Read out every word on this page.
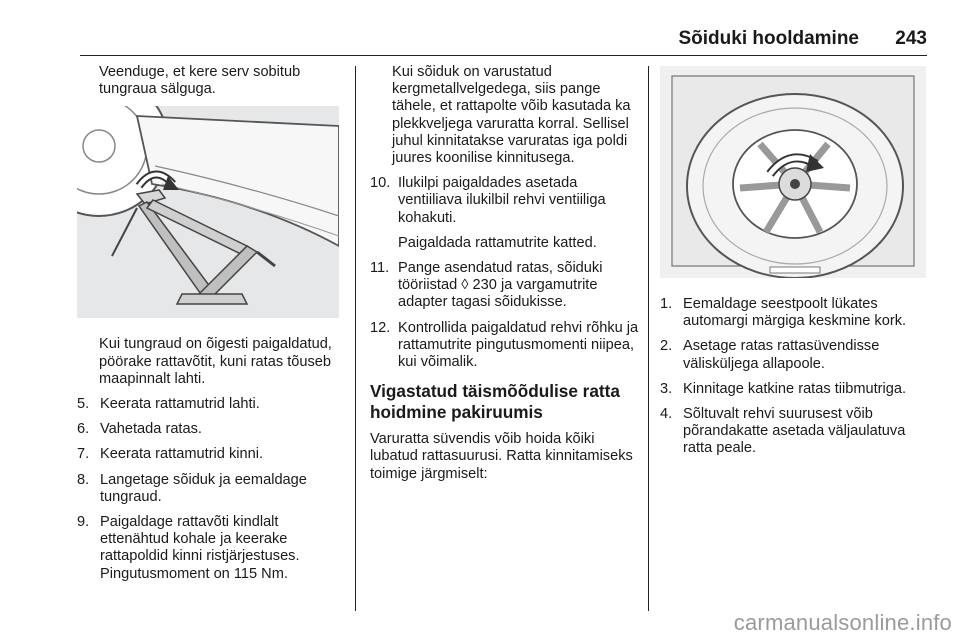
Sõiduki hooldamine 243

Veenduge, et kere serv sobitub tungraua sälguga.

Kui tungraud on õigesti paigaldatud, pöörake rattavõtit, kuni ratas tõuseb maapinnalt lahti.

5. Keerata rattamutrid lahti.
6. Vahetada ratas.
7. Keerata rattamutrid kinni.
8. Langetage sõiduk ja eemaldage tungraud.
9. Paigaldage rattavõti kindlalt ettenähtud kohale ja keerake rattapoldid kinni ristjärjestuses. Pingutusmoment on 115 Nm.

Kui sõiduk on varustatud kergmetallvelgedega, siis pange tähele, et rattapolte võib kasutada ka plekkveljega varuratta korral. Sellisel juhul kinnitatakse varuratas iga poldi juures koonilise kinnitusega.

10. Ilukilpi paigaldades asetada ventiiliava ilukilbil rehvi ventiiliga kohakuti.

Paigaldada rattamutrite katted.

11. Pange asendatud ratas, sõiduki tööriistad ◊ 230 ja vargamutrite adapter tagasi sõidukisse.
12. Kontrollida paigaldatud rehvi rõhku ja rattamutrite pingutusmomenti niipea, kui võimalik.
Vigastatud täismõõdulise ratta hoidmine pakiruumis

Varuratta süvendis võib hoida kõiki lubatud rattasuurusi. Ratta kinnitamiseks toimige järgmiselt:

1. Eemaldage seestpoolt lükates automargi märgiga keskmine kork.
2. Asetage ratas rattasüvendisse välisküljega allapoole.
3. Kinnitage katkine ratas tiibmutriga.
4. Sõltuvalt rehvi suurusest võib põrandakatte asetada väljaulatuva ratta peale.
carmanualsonline.info
